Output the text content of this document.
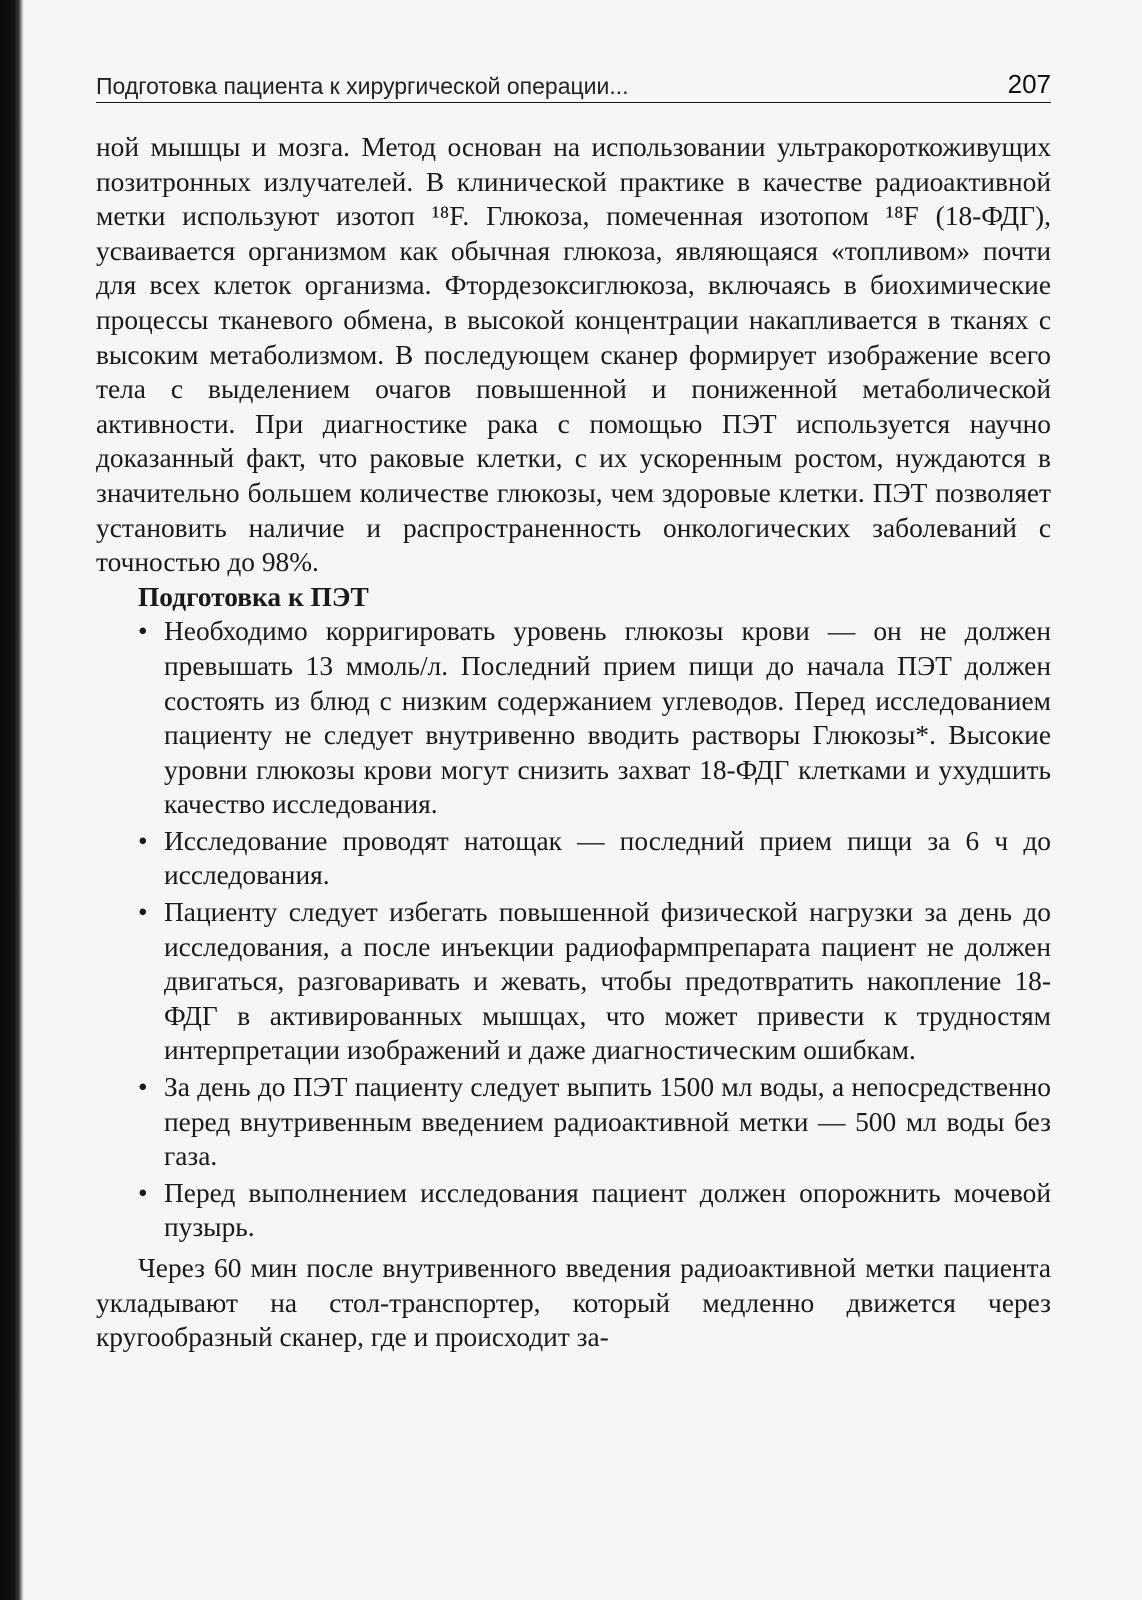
Подготовка пациента к хирургической операции...	207

ной мышцы и мозга. Метод основан на использовании ультракороткоживущих позитронных излучателей. В клинической практике в качестве радиоактивной метки используют изотоп ¹⁸F. Глюкоза, помеченная изотопом ¹⁸F (18-ФДГ), усваивается организмом как обычная глюкоза, являющаяся «топливом» почти для всех клеток организма. Фтордезоксиглюкоза, включаясь в биохимические процессы тканевого обмена, в высокой концентрации накапливается в тканях с высоким метаболизмом. В последующем сканер формирует изображение всего тела с выделением очагов повышенной и пониженной метаболической активности. При диагностике рака с помощью ПЭТ используется научно доказанный факт, что раковые клетки, с их ускоренным ростом, нуждаются в значительно большем количестве глюкозы, чем здоровые клетки. ПЭТ позволяет установить наличие и распространенность онкологических заболеваний с точностью до 98%.

Подготовка к ПЭТ

• Необходимо корригировать уровень глюкозы крови — он не должен превышать 13 ммоль/л. Последний прием пищи до начала ПЭТ должен состоять из блюд с низким содержанием углеводов. Перед исследованием пациенту не следует внутривенно вводить растворы Глюкозы*. Высокие уровни глюкозы крови могут снизить захват 18-ФДГ клетками и ухудшить качество исследования.
• Исследование проводят натощак — последний прием пищи за 6 ч до исследования.
• Пациенту следует избегать повышенной физической нагрузки за день до исследования, а после инъекции радиофармпрепарата пациент не должен двигаться, разговаривать и жевать, чтобы предотвратить накопление 18-ФДГ в активированных мышцах, что может привести к трудностям интерпретации изображений и даже диагностическим ошибкам.
• За день до ПЭТ пациенту следует выпить 1500 мл воды, а непосредственно перед внутривенным введением радиоактивной метки — 500 мл воды без газа.
• Перед выполнением исследования пациент должен опорожнить мочевой пузырь.

Через 60 мин после внутривенного введения радиоактивной метки пациента укладывают на стол-транспортер, который медленно движется через кругообразный сканер, где и происходит за-
